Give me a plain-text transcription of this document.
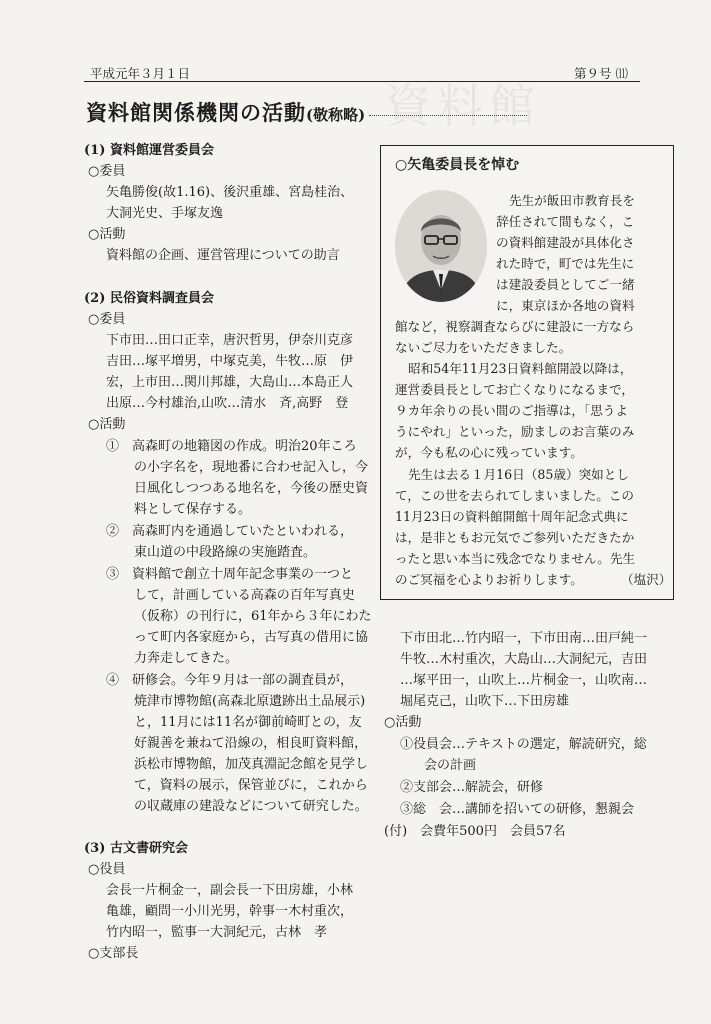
資料館
平成元年３月１日	第９号 ⑾
資料館関係機関の活動(敬称略)
(1) 資料館運営委員会
○委員
矢亀勝俊(故1.16)、後沢重雄、宮島桂治、
大洞光史、手塚友逸
○活動
資料館の企画、運営管理についての助言
(2) 民俗資料調査員会
○委員
下市田…田口正幸，唐沢哲男，伊奈川克彦
吉田…塚平増男，中塚克美，牛牧…原　伊
宏，上市田…関川邦雄，大島山…本島正人
出原…今村雄治,山吹…清水　斉,高野　登
○活動
①　 高森町の地籍図の作成。明治20年ころ
の小字名を，現地番に合わせ記入し，今
日風化しつつある地名を，今後の歴史資
料として保存する。
②　 高森町内を通過していたといわれる，
東山道の中段路線の実施踏査。
③　 資料館で創立十周年記念事業の一つと
して，計画している高森の百年写真史
（仮称）の刊行に，61年から３年にわた
って町内各家庭から，古写真の借用に協
力奔走してきた。
④　 研修会。今年９月は一部の調査員が，
焼津市博物館(高森北原遺跡出土品展示)
と，11月には11名が御前崎町との，友
好親善を兼ねて沿線の，相良町資料館，
浜松市博物館，加茂真淵記念館を見学し
て，資料の展示，保管並びに，これから
の収蔵庫の建設などについて研究した。
(3) 古文書研究会
○役員
会長一片桐金一，副会長一下田房雄，小林
亀雄，顧問一小川光男，幹事一木村重次，
竹内昭一，監事一大洞紀元，古林　孝
○支部長
○矢亀委員長を悼む
先生が飯田市教育長を
辞任されて間もなく，こ
の資料館建設が具体化さ
れた時で，町では先生に
は建設委員としてご一緒
に，東京ほか各地の資料
館など，視察調査ならびに建設に一方なら
ないご尽力をいただきました。
昭和54年11月23日資料館開設以降は，
運営委員長としてお亡くなりになるまで，
９カ年余りの長い間のご指導は，「思うよ
うにやれ」といった，励ましのお言葉のみ
が，今も私の心に残っています。
先生は去る１月16日（85歳）突如とし
て，この世を去られてしまいました。この
11月23日の資料館開館十周年記念式典に
は，是非ともお元気でご参列いただきたか
ったと思い本当に残念でなりません。先生
のご冥福を心よりお祈りします。	（塩沢）
下市田北…竹内昭一，下市田南…田戸純一
牛牧…木村重次，大島山…大洞紀元，吉田
…塚平田一，山吹上…片桐金一，山吹南…
堀尾克己，山吹下…下田房雄
○活動
①役員会…テキストの選定，解読研究，総
会の計画
②支部会…解読会，研修
③総　会…講師を招いての研修，懇親会
(付)　会費年500円　会員57名
